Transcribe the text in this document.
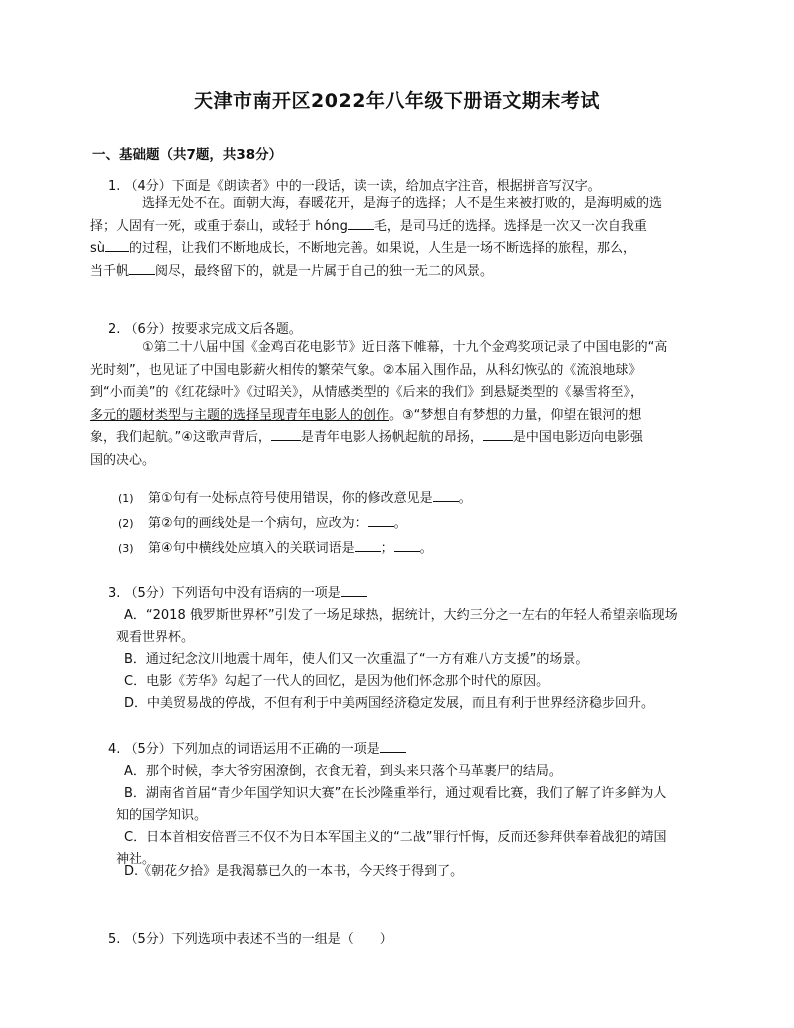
天津市南开区2022年八年级下册语文期末考试
一、基础题（共7题，共38分）
1. （4分）下面是《朗读者》中的一段话，读一读，给加点字注音，根据拼音写汉字。

选择无处不在。面朝大海，春暖花开，是海子的选择；人不是生来被打败的，是海明威的选
择；人固有一死，或重于泰山，或轻于 hóng 毛，是司马迁的选择。选择是一次又一次自我重
sù 的过程，让我们不断地成长，不断地完善。如果说，人生是一场不断选择的旅程，那么，
当千帆 阅尽，最终留下的，就是一片属于自己的独一无二的风景。

2. （6分）按要求完成文后各题。

①第二十八届中国《金鸡百花电影节》近日落下帷幕，十九个金鸡奖项记录了中国电影的“高
光时刻”，也见证了中国电影薪火相传的繁荣气象。②本届入围作品，从科幻恢弘的《流浪地球》
到“小而美”的《红花绿叶》《过昭关》，从情感类型的《后来的我们》到悬疑类型的《暴雪将至》，
多元的题材类型与主题的选择呈现青年电影人的创作。③“梦想自有梦想的力量，仰望在银河的想
象，我们起航。”④这歌声背后， 是青年电影人扬帆起航的昂扬， 是中国电影迈向电影强
国的决心。

(1) 第①句有一处标点符号使用错误，你的修改意见是 。
(2) 第②句的画线处是一个病句，应改为： 。
(3) 第④句中横线处应填入的关联词语是 ； 。
3. （5分）下列语句中没有语病的一项是
A．“2018 俄罗斯世界杯”引发了一场足球热，据统计，大约三分之一左右的年轻人希望亲临现场
观看世界杯。
B．通过纪念汶川地震十周年，使人们又一次重温了“一方有难八方支援”的场景。
C．电影《芳华》勾起了一代人的回忆，是因为他们怀念那个时代的原因。
D．中美贸易战的停战，不但有利于中美两国经济稳定发展，而且有利于世界经济稳步回升。
4. （5分）下列加点的词语运用不正确的一项是
A．那个时候，李大爷穷困潦倒，衣食无着，到头来只落个马革裹尸的结局。
B．湖南省首届“青少年国学知识大赛”在长沙隆重举行，通过观看比赛，我们了解了许多鲜为人
知的国学知识。
C．日本首相安倍晋三不仅不为日本军国主义的“二战”罪行忏悔，反而还参拜供奉着战犯的靖国
神社。
D.《朝花夕拾》是我渴慕已久的一本书，今天终于得到了。
5. （5分）下列选项中表述不当的一组是（　　）
